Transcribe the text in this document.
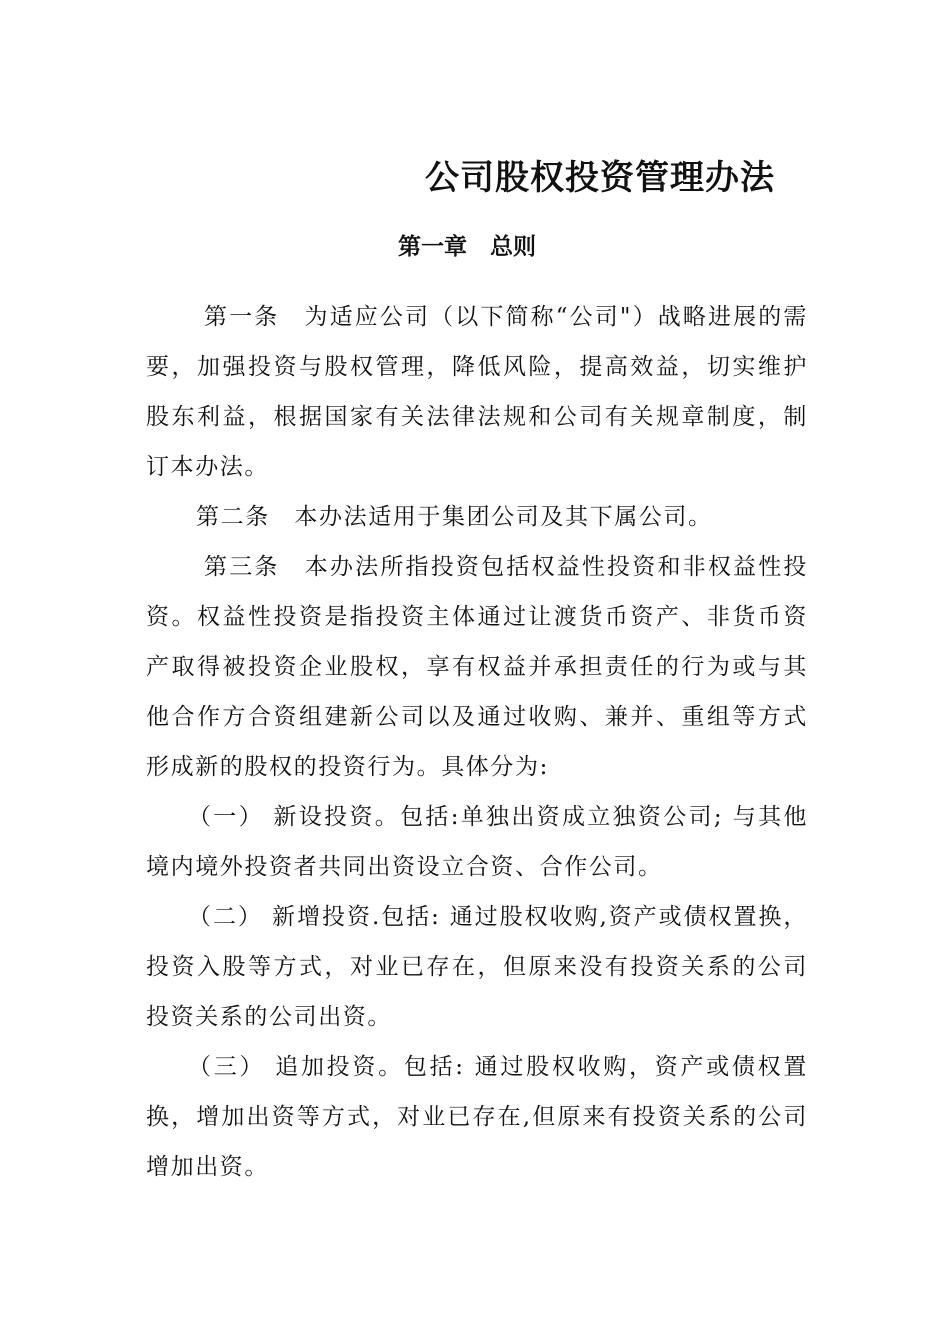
公司股权投资管理办法
第一章　总则

第一条　为适应公司（以下简称“公司"）战略进展的需要，加强投资与股权管理，降低风险，提高效益，切实维护股东利益，根据国家有关法律法规和公司有关规章制度，制订本办法。

第二条　本办法适用于集团公司及其下属公司。

第三条　本办法所指投资包括权益性投资和非权益性投资。权益性投资是指投资主体通过让渡货币资产、非货币资产取得被投资企业股权，享有权益并承担责任的行为或与其他合作方合资组建新公司以及通过收购、兼并、重组等方式形成新的股权的投资行为。具体分为:

（一） 新设投资。包括:单独出资成立独资公司; 与其他境内境外投资者共同出资设立合资、合作公司。

（二） 新增投资.包括: 通过股权收购,资产或债权置换，投资入股等方式，对业已存在，但原来没有投资关系的公司投资关系的公司出资。

（三） 追加投资。包括: 通过股权收购，资产或债权置换，增加出资等方式，对业已存在,但原来有投资关系的公司增加出资。
